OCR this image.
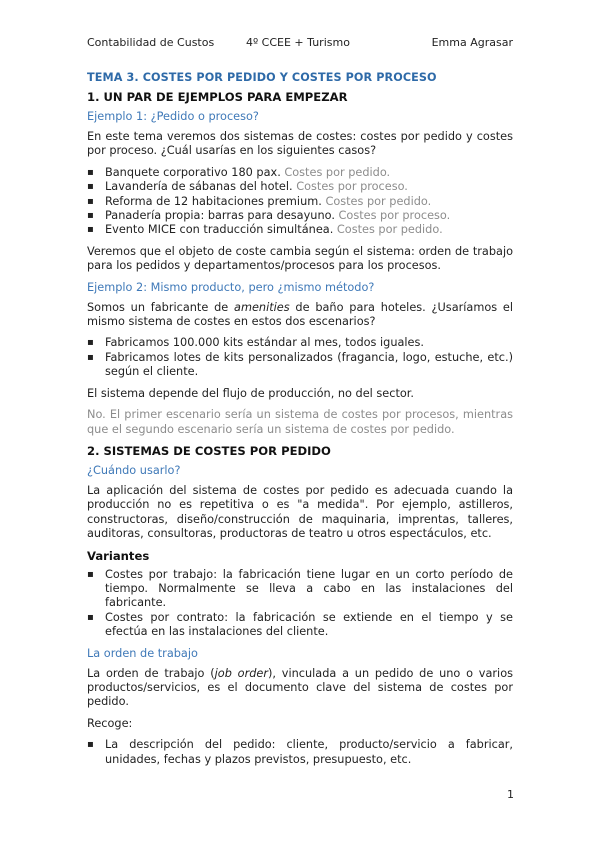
Contabilidad de Custos	4º CCEE + Turismo	Emma Agrasar
TEMA 3. COSTES POR PEDIDO Y COSTES POR PROCESO
1. UN PAR DE EJEMPLOS PARA EMPEZAR
Ejemplo 1: ¿Pedido o proceso?

En este tema veremos dos sistemas de costes: costes por pedido y costes por proceso. ¿Cuál usarías en los siguientes casos?

▪ Banquete corporativo 180 pax. Costes por pedido.
▪ Lavandería de sábanas del hotel. Costes por proceso.
▪ Reforma de 12 habitaciones premium. Costes por pedido.
▪ Panadería propia: barras para desayuno. Costes por proceso.
▪ Evento MICE con traducción simultánea. Costes por pedido.

Veremos que el objeto de coste cambia según el sistema: orden de trabajo para los pedidos y departamentos/procesos para los procesos.

Ejemplo 2: Mismo producto, pero ¿mismo método?

Somos un fabricante de amenities de baño para hoteles. ¿Usaríamos el mismo sistema de costes en estos dos escenarios?

▪ Fabricamos 100.000 kits estándar al mes, todos iguales.
▪ Fabricamos lotes de kits personalizados (fragancia, logo, estuche, etc.) según el cliente.

El sistema depende del flujo de producción, no del sector.

No. El primer escenario sería un sistema de costes por procesos, mientras que el segundo escenario sería un sistema de costes por pedido.

2. SISTEMAS DE COSTES POR PEDIDO
¿Cuándo usarlo?

La aplicación del sistema de costes por pedido es adecuada cuando la producción no es repetitiva o es "a medida". Por ejemplo, astilleros, constructoras, diseño/construcción de maquinaria, imprentas, talleres, auditoras, consultoras, productoras de teatro u otros espectáculos, etc.

Variantes
▪ Costes por trabajo: la fabricación tiene lugar en un corto período de tiempo. Normalmente se lleva a cabo en las instalaciones del fabricante.
▪ Costes por contrato: la fabricación se extiende en el tiempo y se efectúa en las instalaciones del cliente.
La orden de trabajo

La orden de trabajo (job order), vinculada a un pedido de uno o varios productos/servicios, es el documento clave del sistema de costes por pedido.

Recoge:

▪ La descripción del pedido: cliente, producto/servicio a fabricar, unidades, fechas y plazos previstos, presupuesto, etc.
1
